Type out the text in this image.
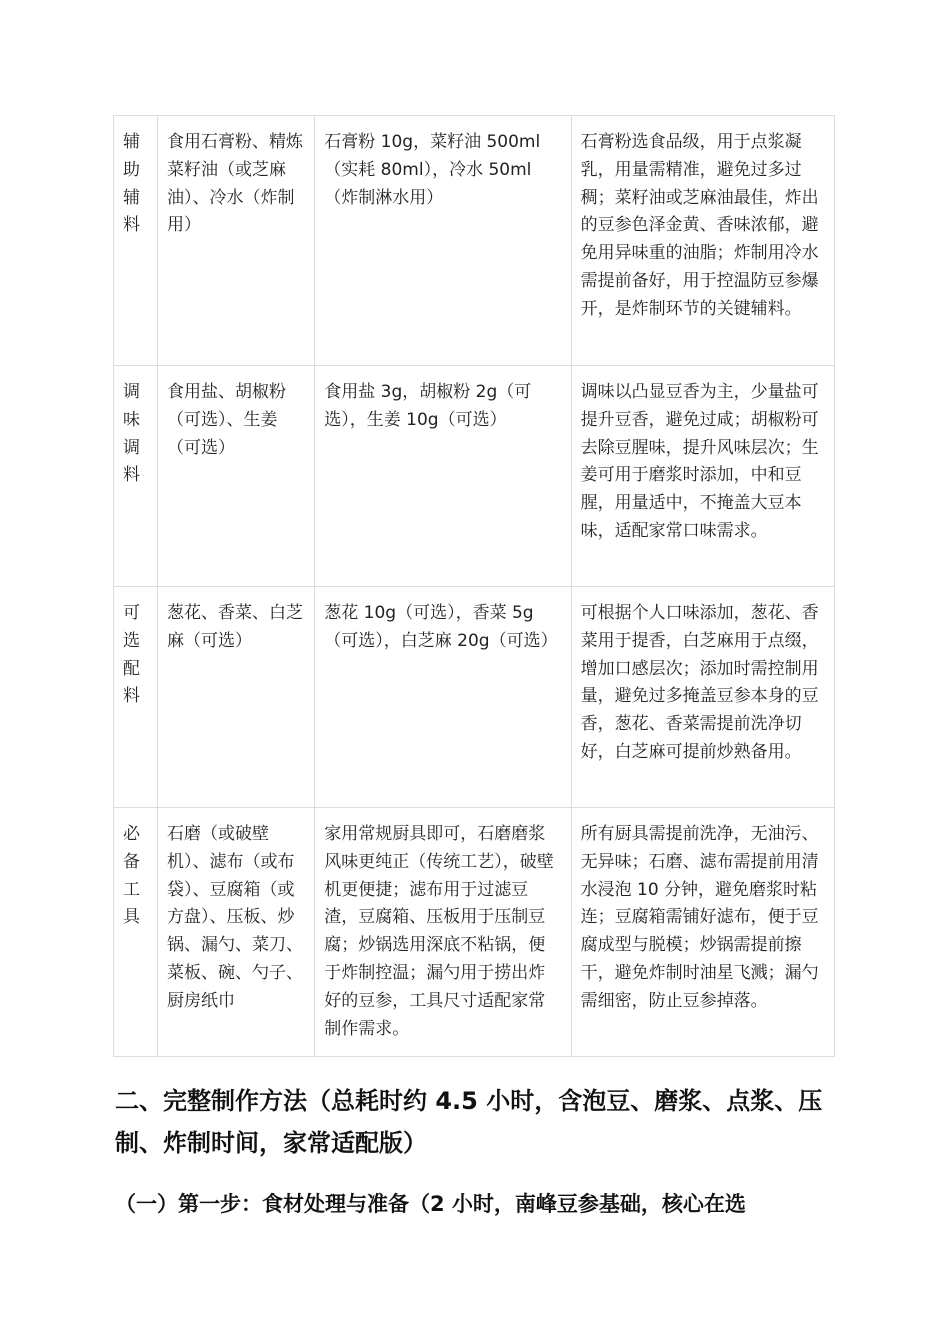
辅助辅料	食用石膏粉、精炼菜籽油（或芝麻油）、冷水（炸制用）	石膏粉 10g，菜籽油 500ml（实耗 80ml），冷水 50ml（炸制淋水用）	石膏粉选食品级，用于点浆凝乳，用量需精准，避免过多过稠；菜籽油或芝麻油最佳，炸出的豆参色泽金黄、香味浓郁，避免用异味重的油脂；炸制用冷水需提前备好，用于控温防豆参爆开，是炸制环节的关键辅料。
调味调料	食用盐、胡椒粉（可选）、生姜（可选）	食用盐 3g，胡椒粉 2g（可选），生姜 10g（可选）	调味以凸显豆香为主，少量盐可提升豆香，避免过咸；胡椒粉可去除豆腥味，提升风味层次；生姜可用于磨浆时添加，中和豆腥，用量适中，不掩盖大豆本味，适配家常口味需求。
可选配料	葱花、香菜、白芝麻（可选）	葱花 10g（可选），香菜 5g（可选），白芝麻 20g（可选）	可根据个人口味添加，葱花、香菜用于提香，白芝麻用于点缀，增加口感层次；添加时需控制用量，避免过多掩盖豆参本身的豆香，葱花、香菜需提前洗净切好，白芝麻可提前炒熟备用。
必备工具	石磨（或破壁机）、滤布（或布袋）、豆腐箱（或方盘）、压板、炒锅、漏勺、菜刀、菜板、碗、勺子、厨房纸巾	家用常规厨具即可，石磨磨浆风味更纯正（传统工艺），破壁机更便捷；滤布用于过滤豆渣，豆腐箱、压板用于压制豆腐；炒锅选用深底不粘锅，便于炸制控温；漏勺用于捞出炸好的豆参，工具尺寸适配家常制作需求。	所有厨具需提前洗净，无油污、无异味；石磨、滤布需提前用清水浸泡 10 分钟，避免磨浆时粘连；豆腐箱需铺好滤布，便于豆腐成型与脱模；炒锅需提前擦干，避免炸制时油星飞溅；漏勺需细密，防止豆参掉落。
二、完整制作方法（总耗时约 4.5 小时，含泡豆、磨浆、点浆、压制、炸制时间，家常适配版）
（一）第一步：食材处理与准备（2 小时，南峰豆参基础，核心在选
